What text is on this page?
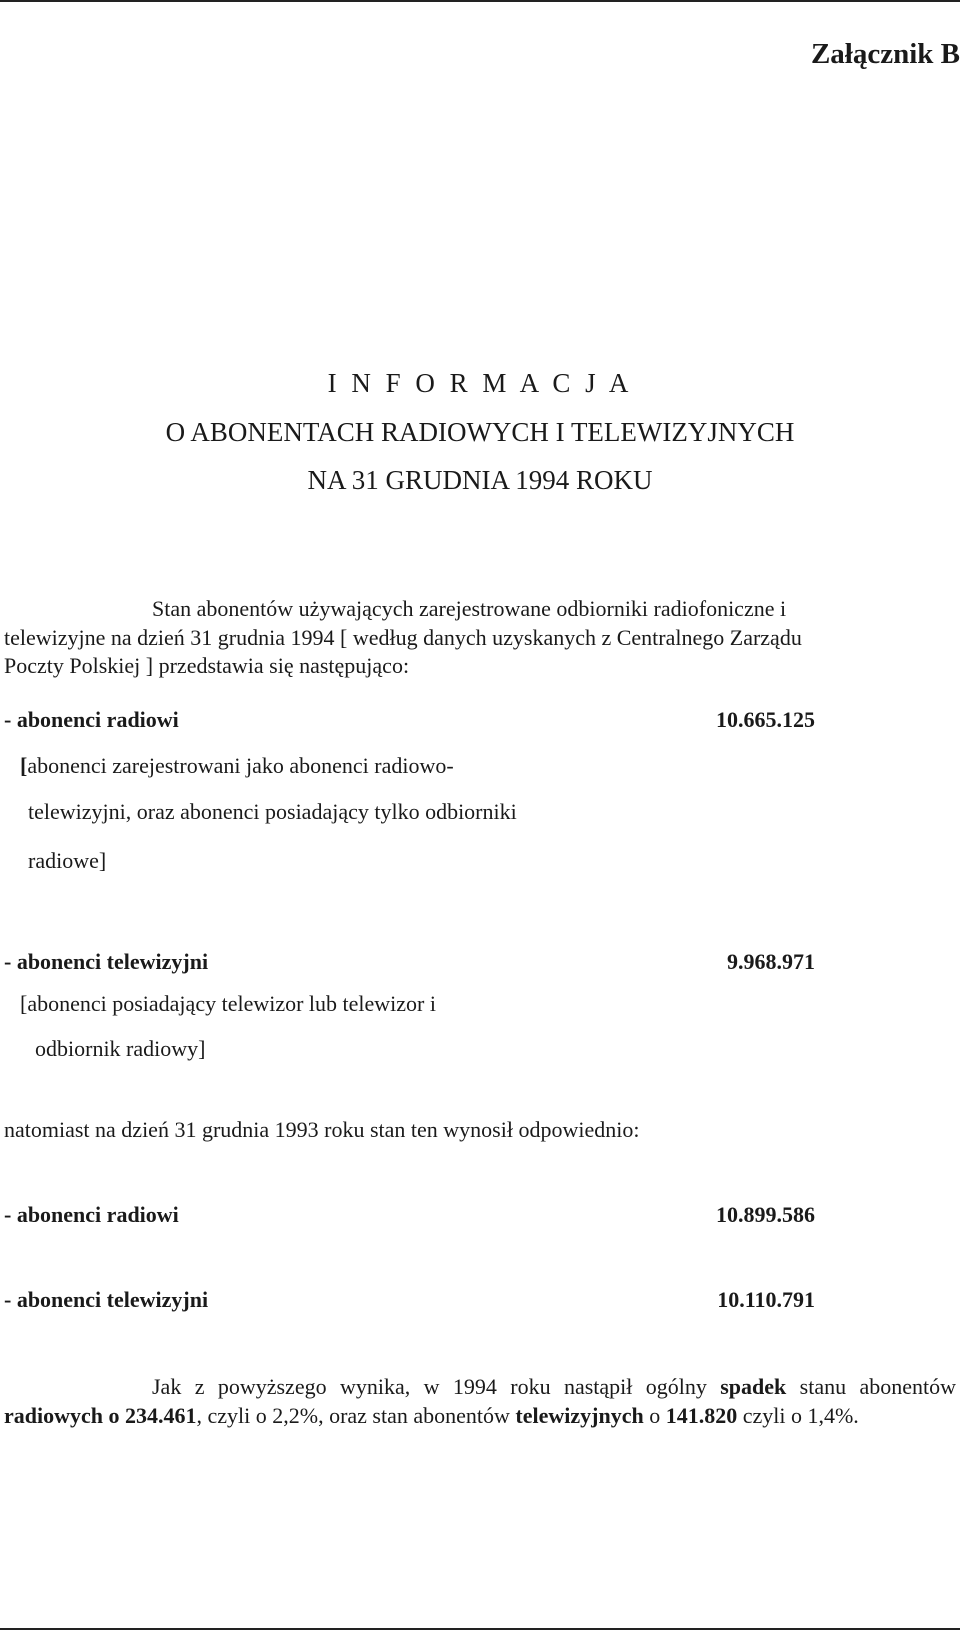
Załącznik B
I N F O R M A C J A
O ABONENTACH RADIOWYCH I TELEWIZYJNYCH
NA 31 GRUDNIA 1994 ROKU
Stan abonentów używających zarejestrowane odbiorniki radiofoniczne i
telewizyjne na dzień 31 grudnia 1994 [ według danych uzyskanych z Centralnego Zarządu
Poczty Polskiej ] przedstawia się następująco:
- abonenci radiowi	10.665.125
[abonenci zarejestrowani jako abonenci radiowo-
telewizyjni, oraz abonenci posiadający tylko odbiorniki
radiowe]
- abonenci telewizyjni	9.968.971
[abonenci posiadający telewizor lub telewizor i
odbiornik radiowy]
natomiast na dzień 31 grudnia 1993 roku stan ten wynosił odpowiednio:
- abonenci radiowi	10.899.586
- abonenci telewizyjni	10.110.791
Jak z powyższego wynika, w 1994 roku nastąpił ogólny spadek stanu abonentów radiowych o 234.461, czyli o 2,2%, oraz stan abonentów telewizyjnych o 141.820 czyli o 1,4%.
